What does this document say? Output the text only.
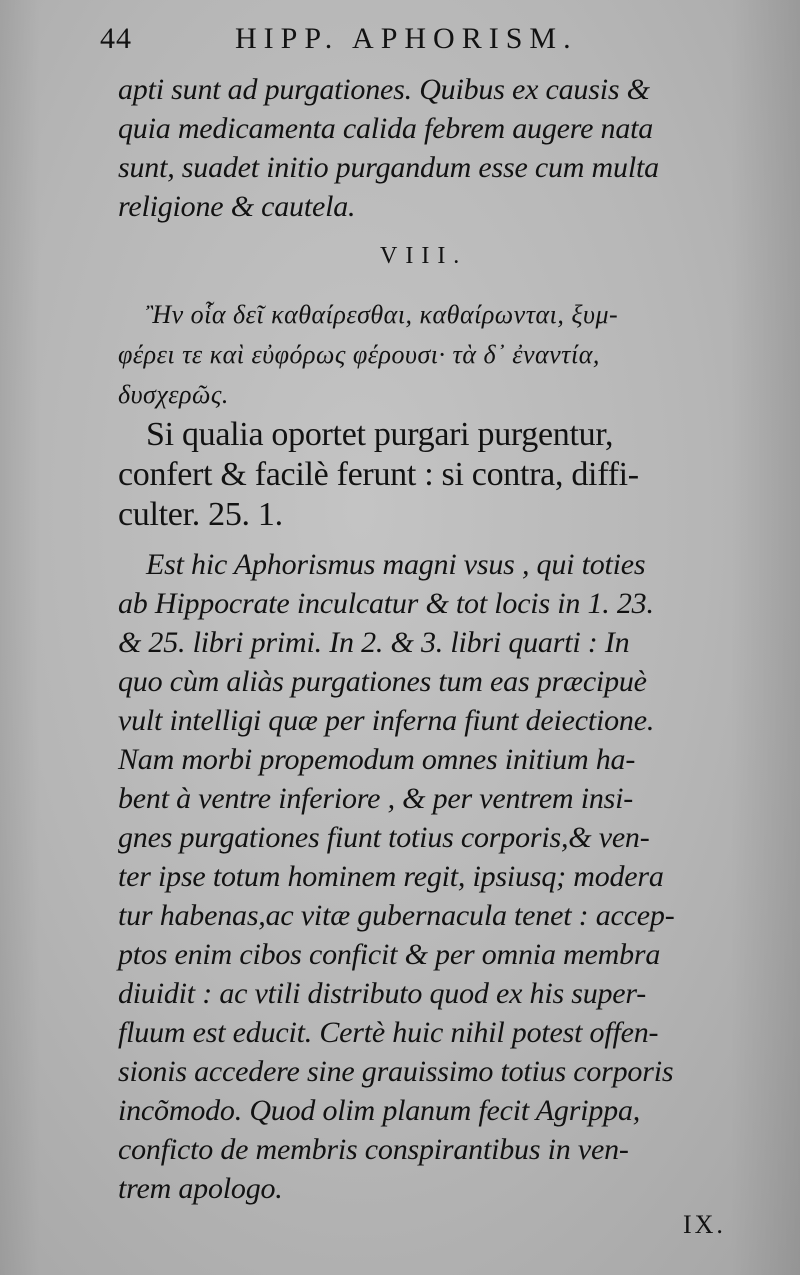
44	HIPP. APHORISM.
apti sunt ad purgationes. Quibus ex causis &
quia medicamenta calida febrem augere nata
sunt, suadet initio purgandum esse cum multa
religione & cautela.
VIII.
Ἢν οἷα δεῖ καθαίρεσθαι, καθαίρωνται, ξυμ-
φέρει τε καὶ εὐφόρως φέρουσι· τὰ δ᾽ ἐναντία,
δυσχερῶς.
Si qualia oportet purgari purgentur,
confert & facilè ferunt : si contra, diffi-
culter. 25. 1.
Est hic Aphorismus magni vsus , qui toties
ab Hippocrate inculcatur & tot locis in 1. 23.
& 25. libri primi. In 2. & 3. libri quarti : In
quo cùm aliàs purgationes tum eas præcipuè
vult intelligi quæ per inferna fiunt deiectione.
Nam morbi propemodum omnes initium ha-
bent à ventre inferiore , & per ventrem insi-
gnes purgationes fiunt totius corporis,& ven-
ter ipse totum hominem regit, ipsiusq; modera
tur habenas,ac vitæ gubernacula tenet : accep-
ptos enim cibos conficit & per omnia membra
diuidit : ac vtili distributo quod ex his super-
fluum est educit. Certè huic nihil potest offen-
sionis accedere sine grauissimo totius corporis
incõmodo. Quod olim planum fecit Agrippa,
confictо de membris conspirantibus in ven-
trem apologo.
IX.
